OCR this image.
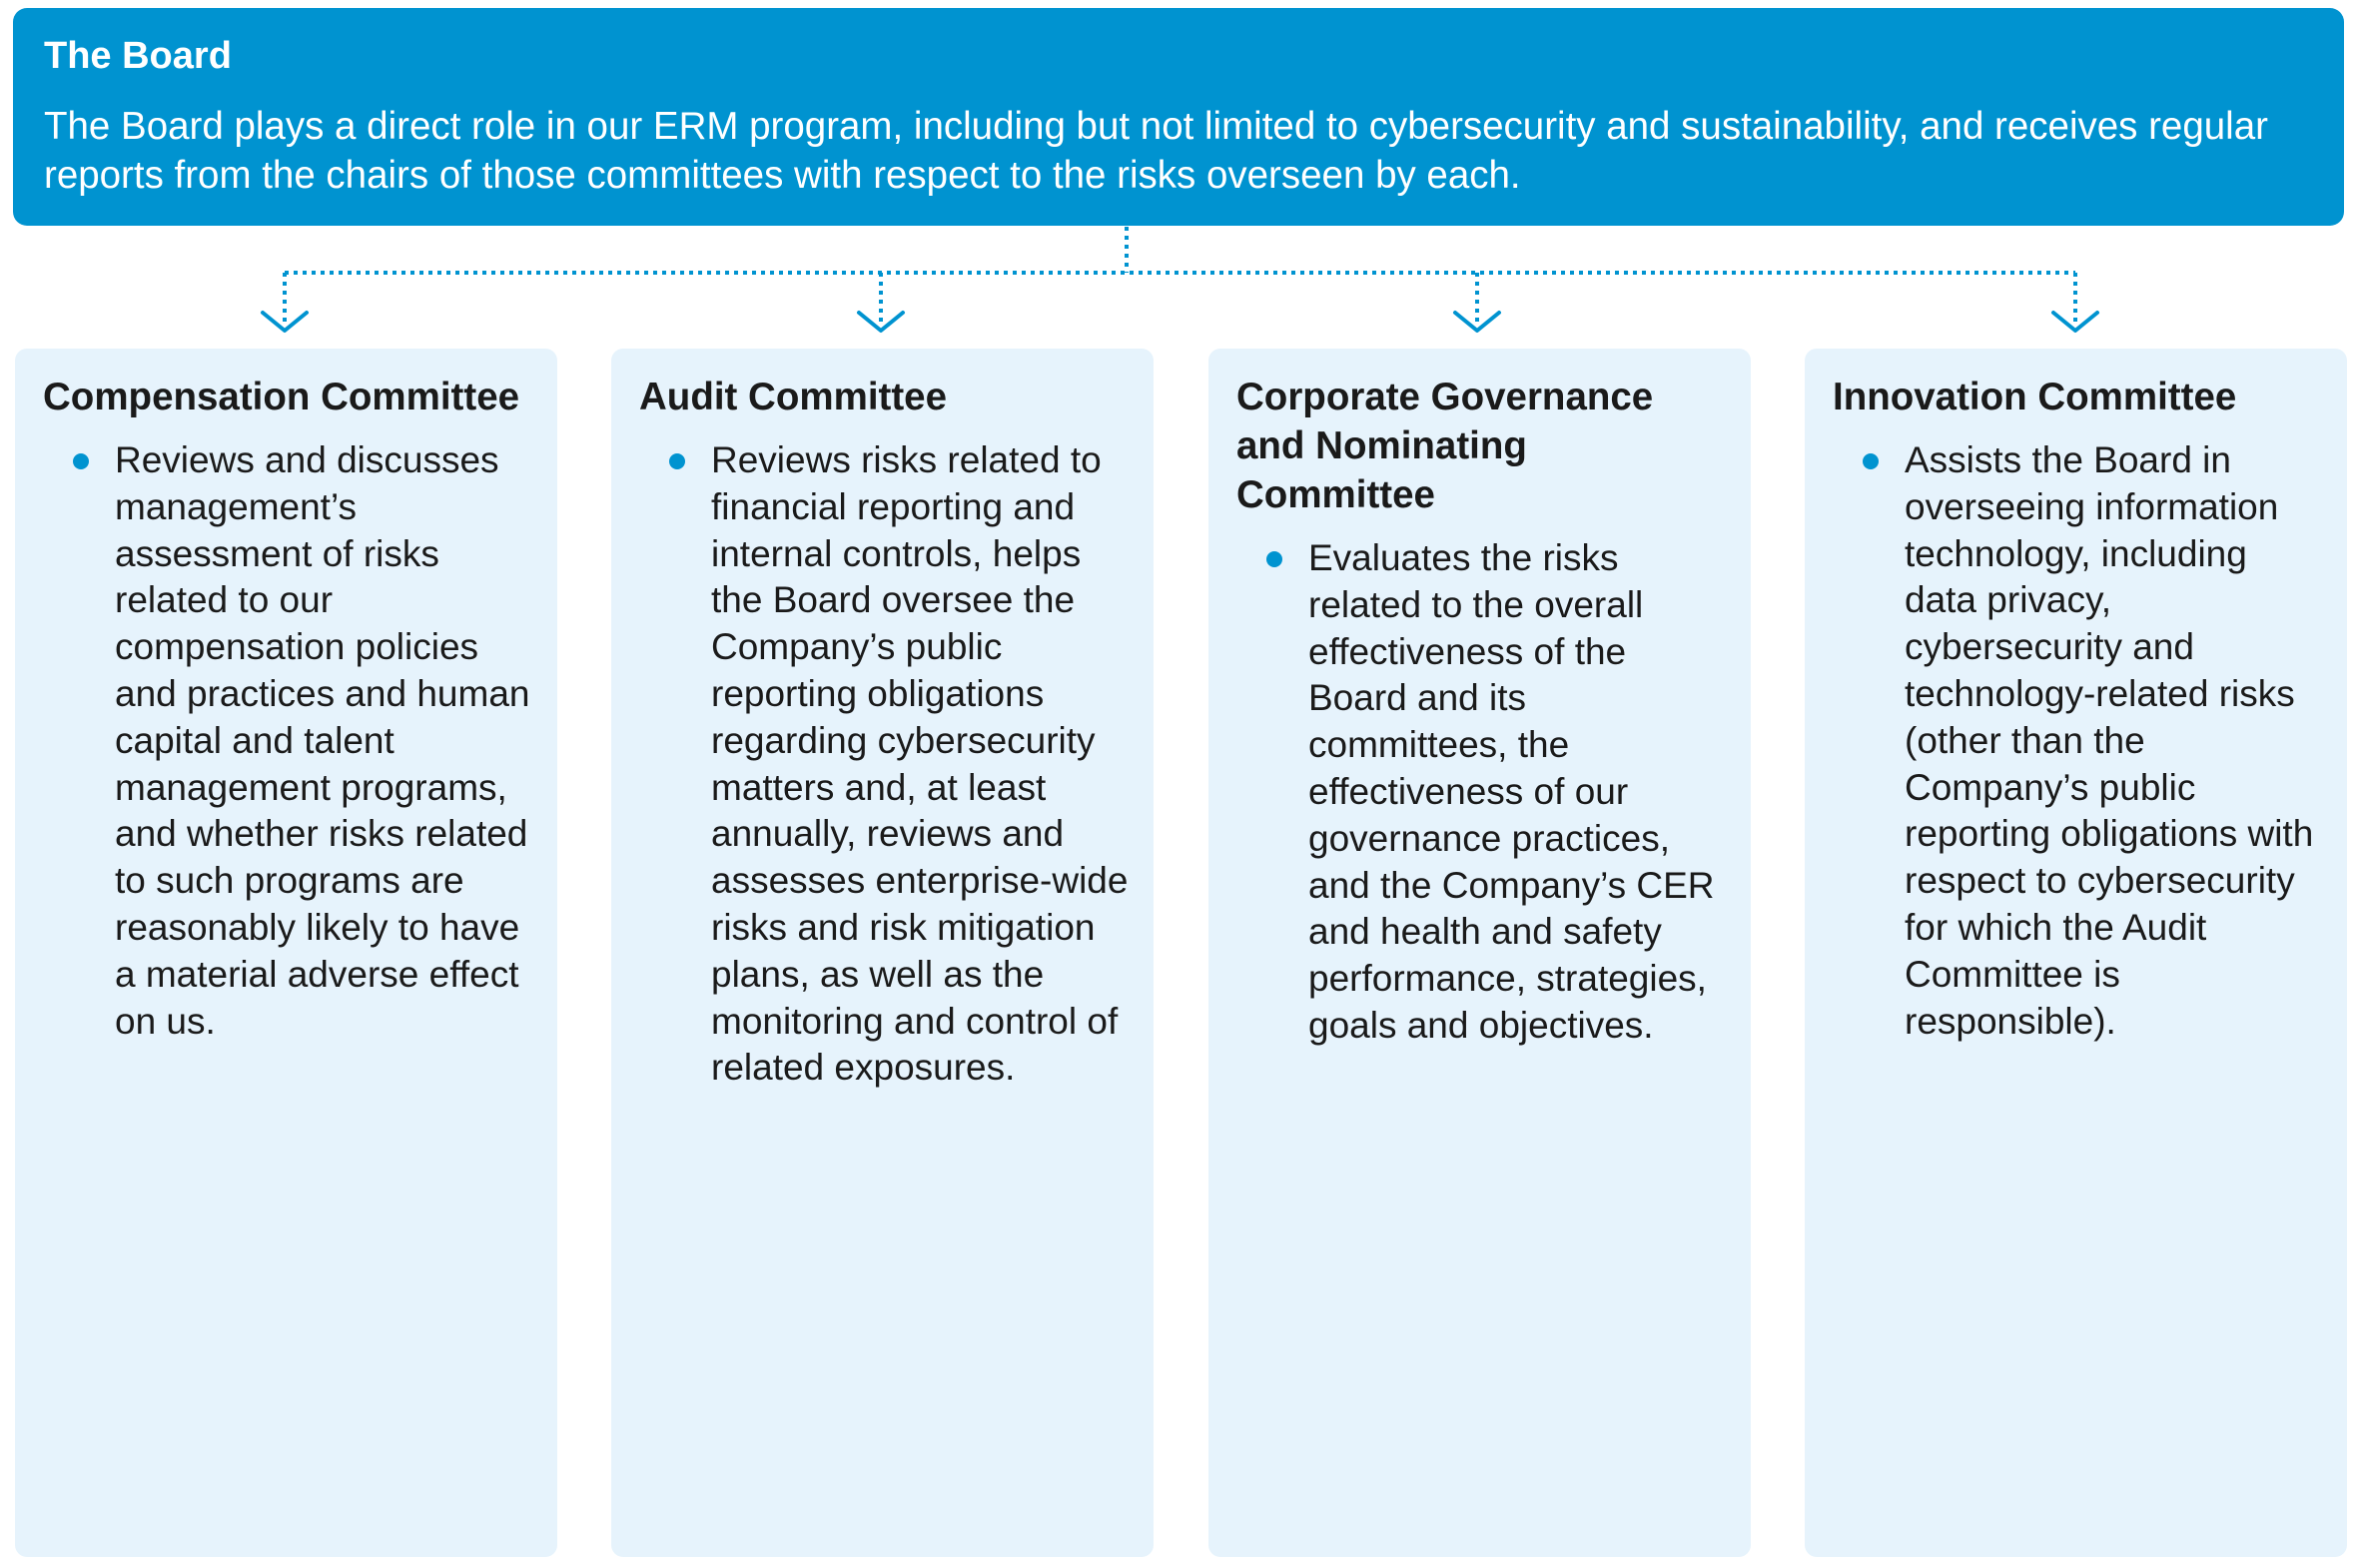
The Board
The Board plays a direct role in our ERM program, including but not limited to cybersecurity and sustainability, and receives regular reports from the chairs of those committees with respect to the risks overseen by each.
Compensation Committee
Reviews and discusses management’s assessment of risks related to our compensation policies and practices and human capital and talent management programs, and whether risks related to such programs are reasonably likely to have a material adverse effect on us.
Audit Committee
Reviews risks related to financial reporting and internal controls, helps the Board oversee the Company’s public reporting obligations regarding cybersecurity matters and, at least annually, reviews and assesses enterprise-wide risks and risk mitigation plans, as well as the monitoring and control of related exposures.
Corporate Governance and Nominating Committee
Evaluates the risks related to the overall effectiveness of the Board and its committees, the effectiveness of our governance practices, and the Company’s CER and health and safety performance, strategies, goals and objectives.
Innovation Committee
Assists the Board in overseeing information technology, including data privacy, cybersecurity and technology-related risks (other than the Company’s public reporting obligations with respect to cybersecurity for which the Audit Committee is responsible).
